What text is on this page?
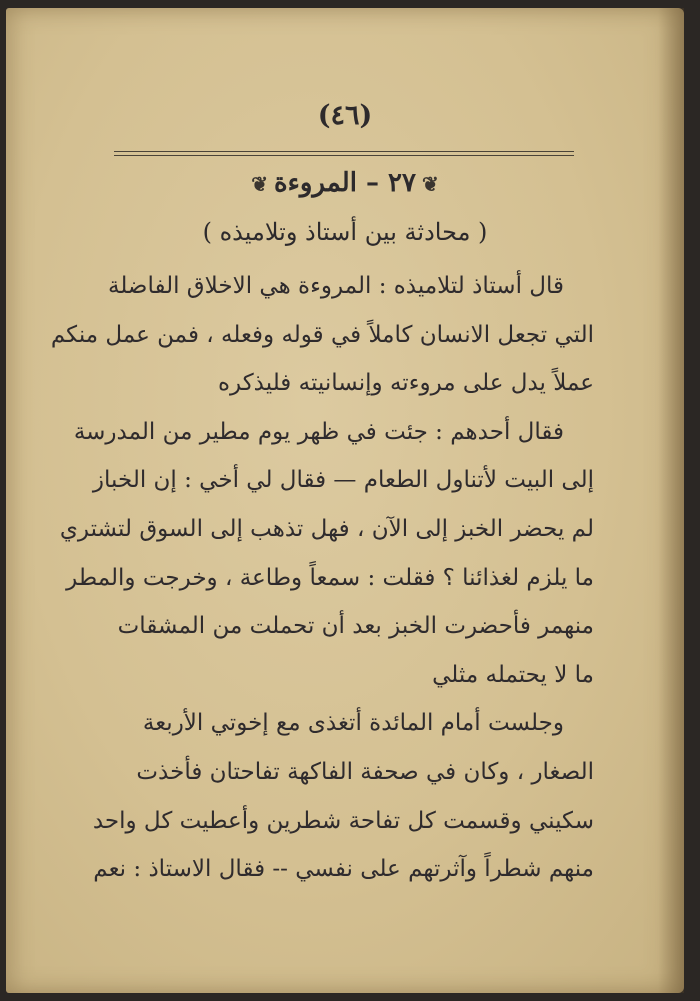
(٤٦)
❦٢٧ – المروءة❦
( محادثة بين أستاذ وتلاميذه )
قال أستاذ لتلاميذه : المروءة هي الاخلاق الفاضلة
التي تجعل الانسان كاملاً في قوله وفعله ، فمن عمل منكم
عملاً يدل على مروءته وإنسانيته فليذكره
فقال أحدهم : جئت في ظهر يوم مطير من المدرسة
إلى البيت لأتناول الطعام — فقال لي أخي : إن الخباز
لم يحضر الخبز إلى الآن ، فهل تذهب إلى السوق لتشتري
ما يلزم لغذائنا ؟ فقلت : سمعاً وطاعة ، وخرجت والمطر
منهمر فأحضرت الخبز بعد أن تحملت من المشقات
ما لا يحتمله مثلي
وجلست أمام المائدة أتغذى مع إخوتي الأربعة
الصغار ، وكان في صحفة الفاكهة تفاحتان فأخذت
سكيني وقسمت كل تفاحة شطرين وأعطيت كل واحد
منهم شطراً وآثرتهم على نفسي -- فقال الاستاذ : نعم
